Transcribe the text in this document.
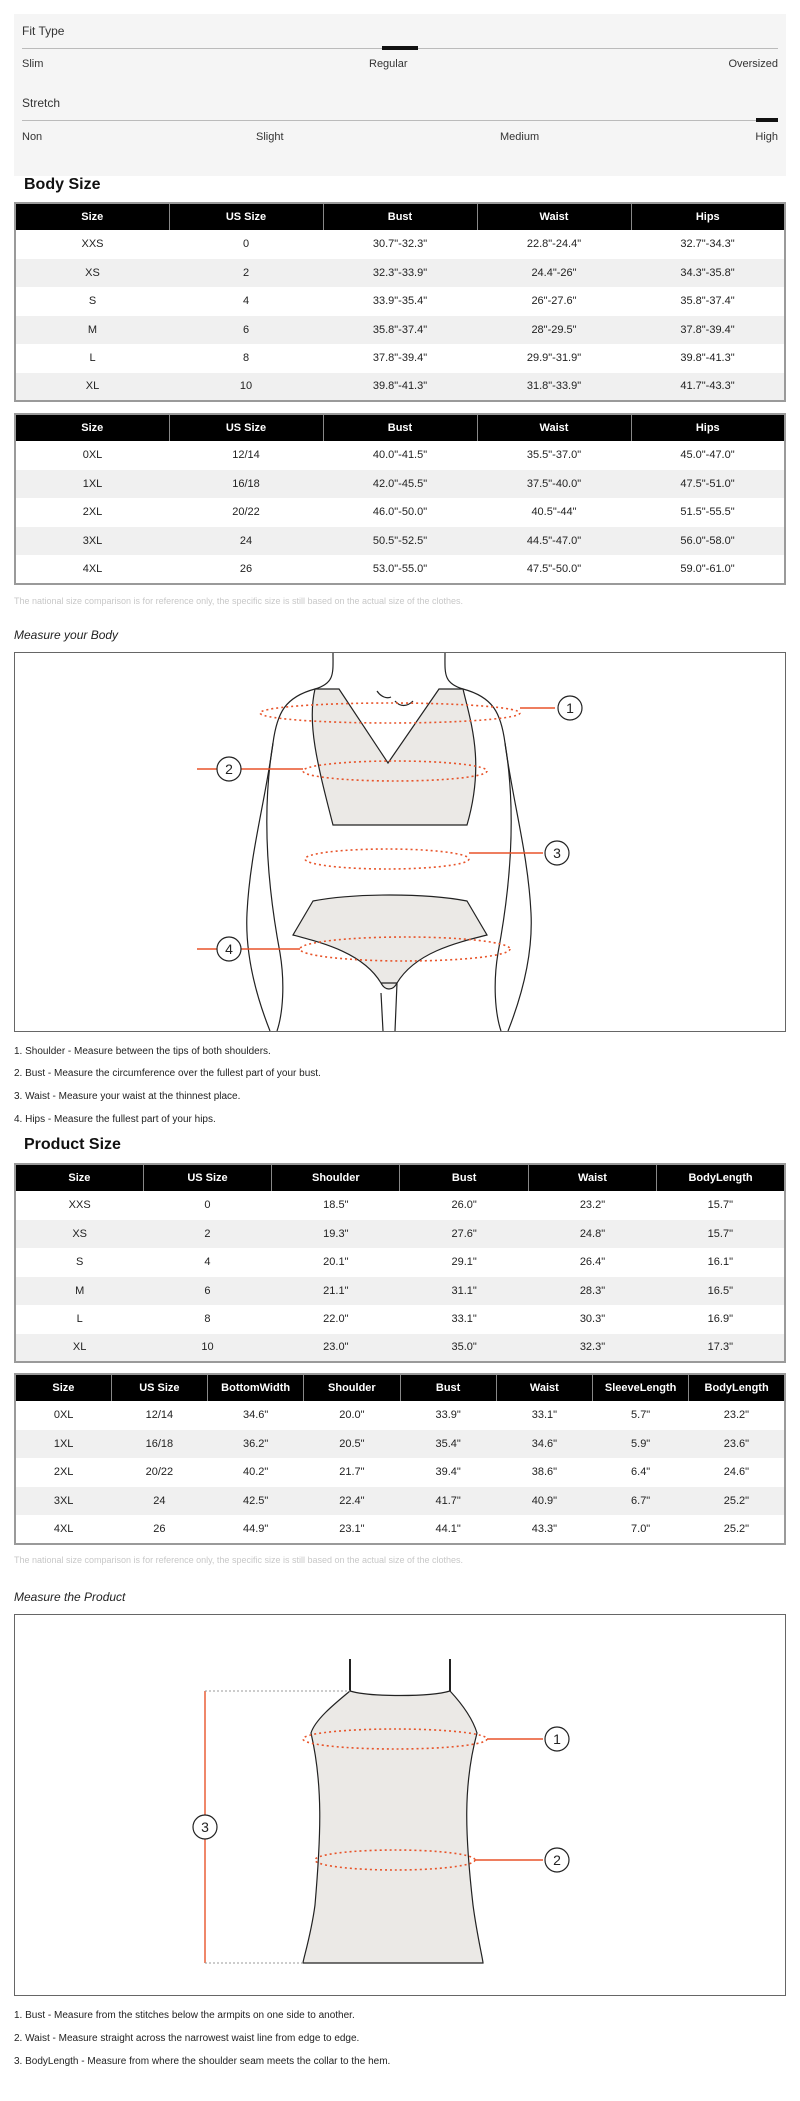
Fit Type
Slim	Regular	Oversized
Stretch
Non	Slight	Medium	High
Body Size
Size	US Size	Bust	Waist	Hips
XXS	0	30.7"-32.3"	22.8"-24.4"	32.7"-34.3"
XS	2	32.3"-33.9"	24.4"-26"	34.3"-35.8"
S	4	33.9"-35.4"	26"-27.6"	35.8"-37.4"
M	6	35.8"-37.4"	28"-29.5"	37.8"-39.4"
L	8	37.8"-39.4"	29.9"-31.9"	39.8"-41.3"
XL	10	39.8"-41.3"	31.8"-33.9"	41.7"-43.3"
Size	US Size	Bust	Waist	Hips
0XL	12/14	40.0"-41.5"	35.5"-37.0"	45.0"-47.0"
1XL	16/18	42.0"-45.5"	37.5"-40.0"	47.5"-51.0"
2XL	20/22	46.0"-50.0"	40.5"-44"	51.5"-55.5"
3XL	24	50.5"-52.5"	44.5"-47.0"	56.0"-58.0"
4XL	26	53.0"-55.0"	47.5"-50.0"	59.0"-61.0"
The national size comparison is for reference only, the specific size is still based on the actual size of the clothes.
Measure your Body
1
2
3
4
1. Shoulder - Measure between the tips of both shoulders.
2. Bust - Measure the circumference over the fullest part of your bust.
3. Waist - Measure your waist at the thinnest place.
4. Hips - Measure the fullest part of your hips.
Product Size
Size	US Size	Shoulder	Bust	Waist	BodyLength
XXS	0	18.5"	26.0"	23.2"	15.7"
XS	2	19.3"	27.6"	24.8"	15.7"
S	4	20.1"	29.1"	26.4"	16.1"
M	6	21.1"	31.1"	28.3"	16.5"
L	8	22.0"	33.1"	30.3"	16.9"
XL	10	23.0"	35.0"	32.3"	17.3"
Size	US Size	BottomWidth	Shoulder	Bust	Waist	SleeveLength	BodyLength
0XL	12/14	34.6"	20.0"	33.9"	33.1"	5.7"	23.2"
1XL	16/18	36.2"	20.5"	35.4"	34.6"	5.9"	23.6"
2XL	20/22	40.2"	21.7"	39.4"	38.6"	6.4"	24.6"
3XL	24	42.5"	22.4"	41.7"	40.9"	6.7"	25.2"
4XL	26	44.9"	23.1"	44.1"	43.3"	7.0"	25.2"
The national size comparison is for reference only, the specific size is still based on the actual size of the clothes.
Measure the Product
1
2
3
1. Bust - Measure from the stitches below the armpits on one side to another.
2. Waist - Measure straight across the narrowest waist line from edge to edge.
3. BodyLength - Measure from where the shoulder seam meets the collar to the hem.
